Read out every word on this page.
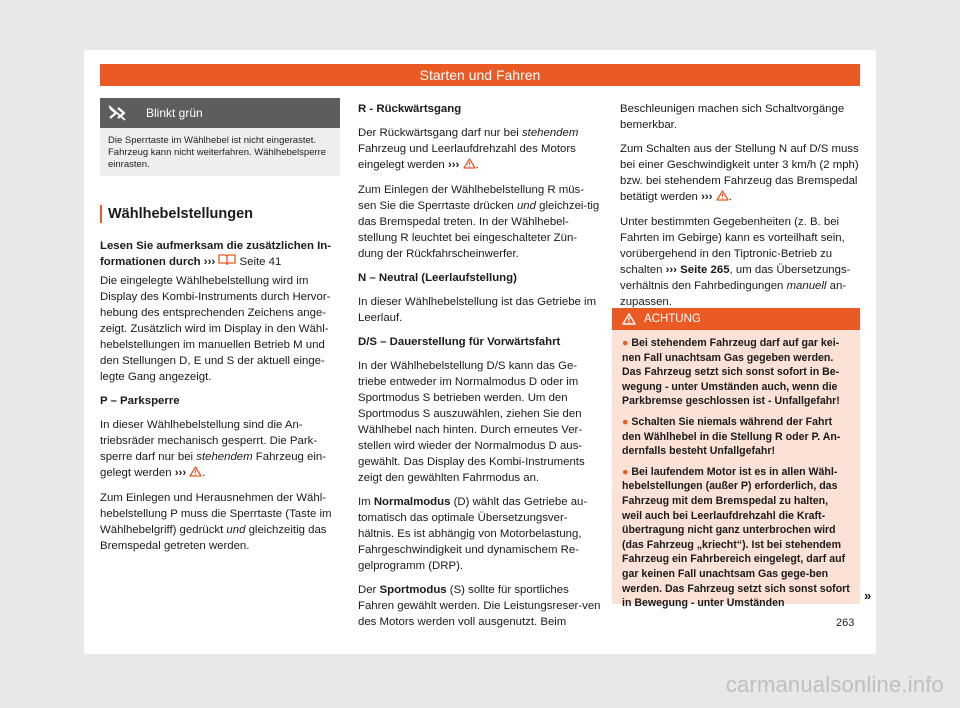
Starten und Fahren
Blinkt grün
Die Sperrtaste im Wählhebel ist nicht eingerastet. Fahrzeug kann nicht weiterfahren. Wählhebelsperre einrasten.
Wählhebelstellungen

Lesen Sie aufmerksam die zusätzlichen In-
formationen durch ››› Seite 41

Die eingelegte Wählhebelstellung wird im Display des Kombi-Instruments durch Hervor-hebung des entsprechenden Zeichens ange-zeigt. Zusätzlich wird im Display in den Wähl-hebelstellungen im manuellen Betrieb M und den Stellungen D, E und S der aktuell einge-legte Gang angezeigt.

P – Parksperre

In dieser Wählhebelstellung sind die An-triebsräder mechanisch gesperrt. Die Park-sperre darf nur bei stehendem Fahrzeug ein-gelegt werden ››› .

Zum Einlegen und Herausnehmen der Wähl-hebelstellung P muss die Sperrtaste (Taste im Wählhebelgriff) gedrückt und gleichzeitig das Bremspedal getreten werden.

R - Rückwärtsgang

Der Rückwärtsgang darf nur bei stehendem Fahrzeug und Leerlaufdrehzahl des Motors eingelegt werden ››› .

Zum Einlegen der Wählhebelstellung R müs-sen Sie die Sperrtaste drücken und gleichzei-tig das Bremspedal treten. In der Wählhebel-stellung R leuchtet bei eingeschalteter Zün-dung der Rückfahrscheinwerfer.

N – Neutral (Leerlaufstellung)

In dieser Wählhebelstellung ist das Getriebe im Leerlauf.

D/S – Dauerstellung für Vorwärtsfahrt

In der Wählhebelstellung D/S kann das Ge-triebe entweder im Normalmodus D oder im Sportmodus S betrieben werden. Um den Sportmodus S auszuwählen, ziehen Sie den Wählhebel nach hinten. Durch erneutes Ver-stellen wird wieder der Normalmodus D aus-gewählt. Das Display des Kombi-Instruments zeigt den gewählten Fahrmodus an.

Im Normalmodus (D) wählt das Getriebe au-tomatisch das optimale Übersetzungsver-hältnis. Es ist abhängig von Motorbelastung, Fahrgeschwindigkeit und dynamischem Re-gelprogramm (DRP).

Der Sportmodus (S) sollte für sportliches Fahren gewählt werden. Die Leistungsreser-ven des Motors werden voll ausgenutzt. Beim

Beschleunigen machen sich Schaltvorgänge bemerkbar.

Zum Schalten aus der Stellung N auf D/S muss bei einer Geschwindigkeit unter 3 km/h (2 mph) bzw. bei stehendem Fahrzeug das Bremspedal betätigt werden ››› .

Unter bestimmten Gegebenheiten (z. B. bei Fahrten im Gebirge) kann es vorteilhaft sein, vorübergehend in den Tiptronic-Betrieb zu schalten ››› Seite 265, um das Übersetzungs-verhältnis den Fahrbedingungen manuell an-zupassen.

ACHTUNG
● Bei stehendem Fahrzeug darf auf gar kei-nen Fall unachtsam Gas gegeben werden. Das Fahrzeug setzt sich sonst sofort in Be-wegung - unter Umständen auch, wenn die Parkbremse geschlossen ist - Unfallgefahr!
● Schalten Sie niemals während der Fahrt den Wählhebel in die Stellung R oder P. An-dernfalls besteht Unfallgefahr!
● Bei laufendem Motor ist es in allen Wähl-hebelstellungen (außer P) erforderlich, das Fahrzeug mit dem Bremspedal zu halten, weil auch bei Leerlaufdrehzahl die Kraft-übertragung nicht ganz unterbrochen wird (das Fahrzeug „kriecht“). Ist bei stehendem Fahrzeug ein Fahrbereich eingelegt, darf auf gar keinen Fall unachtsam Gas gege-ben werden. Das Fahrzeug setzt sich sonst sofort in Bewegung - unter Umständen
»
263
carmanualsonline.info
